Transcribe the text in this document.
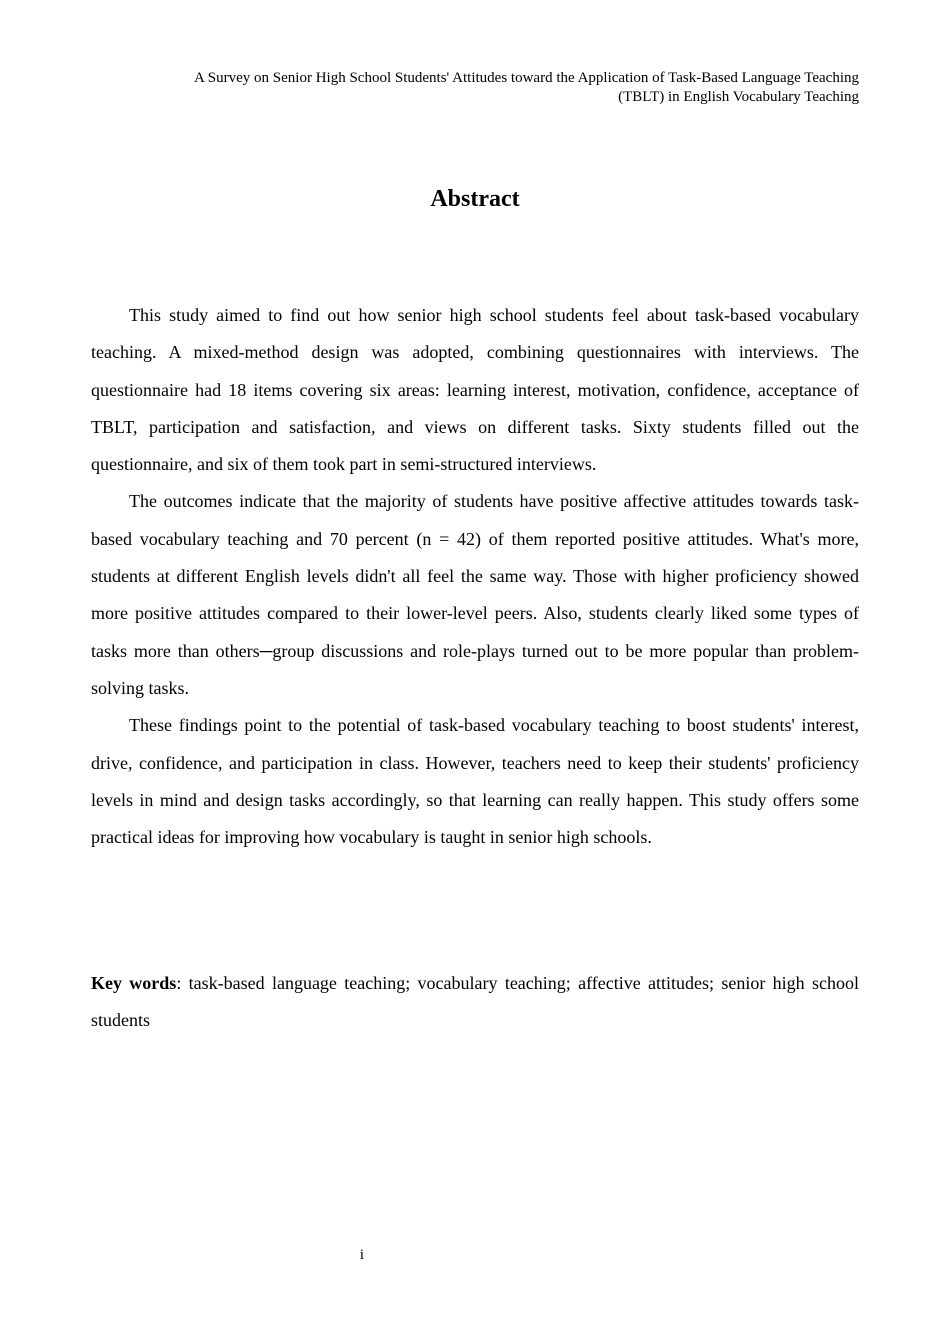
A Survey on Senior High School Students' Attitudes toward the Application of Task-Based Language Teaching
(TBLT) in English Vocabulary Teaching
Abstract

This study aimed to find out how senior high school students feel about task-based vocabulary teaching. A mixed-method design was adopted, combining questionnaires with interviews. The questionnaire had 18 items covering six areas: learning interest, motivation, confidence, acceptance of TBLT, participation and satisfaction, and views on different tasks. Sixty students filled out the questionnaire, and six of them took part in semi-structured interviews.

The outcomes indicate that the majority of students have positive affective attitudes towards task-based vocabulary teaching and 70 percent (n = 42) of them reported positive attitudes. What's more, students at different English levels didn't all feel the same way. Those with higher proficiency showed more positive attitudes compared to their lower-level peers. Also, students clearly liked some types of tasks more than others─group discussions and role-plays turned out to be more popular than problem-solving tasks.

These findings point to the potential of task-based vocabulary teaching to boost students' interest, drive, confidence, and participation in class. However, teachers need to keep their students' proficiency levels in mind and design tasks accordingly, so that learning can really happen. This study offers some practical ideas for improving how vocabulary is taught in senior high schools.

Key words: task-based language teaching; vocabulary teaching; affective attitudes; senior high school students

i
